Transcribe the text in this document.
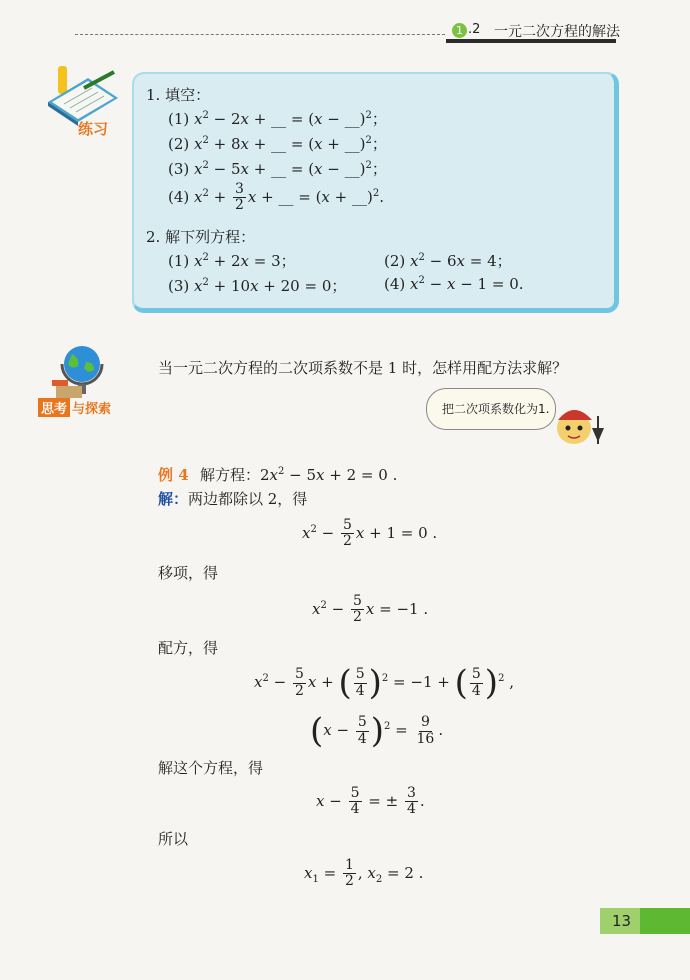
1 .2 一元二次方程的解法
练习
1. 填空：
(1) $x^2 - 2x$ + __ = (x − __)$^2$；
(2) $x^2 + 8x$ + __ = (x + __)$^2$；
(3) $x^2 - 5x$ + __ = (x − __)$^2$；
(4) $x^2 + \frac{3}{2}$ x + __ = (x + __)$^2$.
2. 解下列方程：
(1) $x^2 + 2x = 3$；	(2) $x^2 - 6x = 4$；
(3) $x^2 + 10x + 20 = 0$；	(4) $x^2 - x - 1 = 0$.
思考 与探索
当一元二次方程的二次项系数不是 1 时，怎样用配方法求解？
把二次项系数化为1.
例 4 解方程：$2x^2 - 5x + 2 = 0$ .
解： 两边都除以 2，得
$x^2 - \frac{5}{2}$ x + 1 = 0 .
移项，得
$x^2 - \frac{5}{2}$ x = −1 .
配方，得
$x^2 - \frac{5}{2}$ x + ( $\frac{5}{4} )^2 = -1$ + ( $\frac{5}{4} )^2$ ,
$(x - \frac{5}{4} )^2 = \frac{9}{16}$ .
解这个方程，得
$x - \frac{5}{4}$ = ± $\frac{3}{4}$ .
所以
$x_1 = \frac{1}{2}$ , $x_2 = 2$ .
13
